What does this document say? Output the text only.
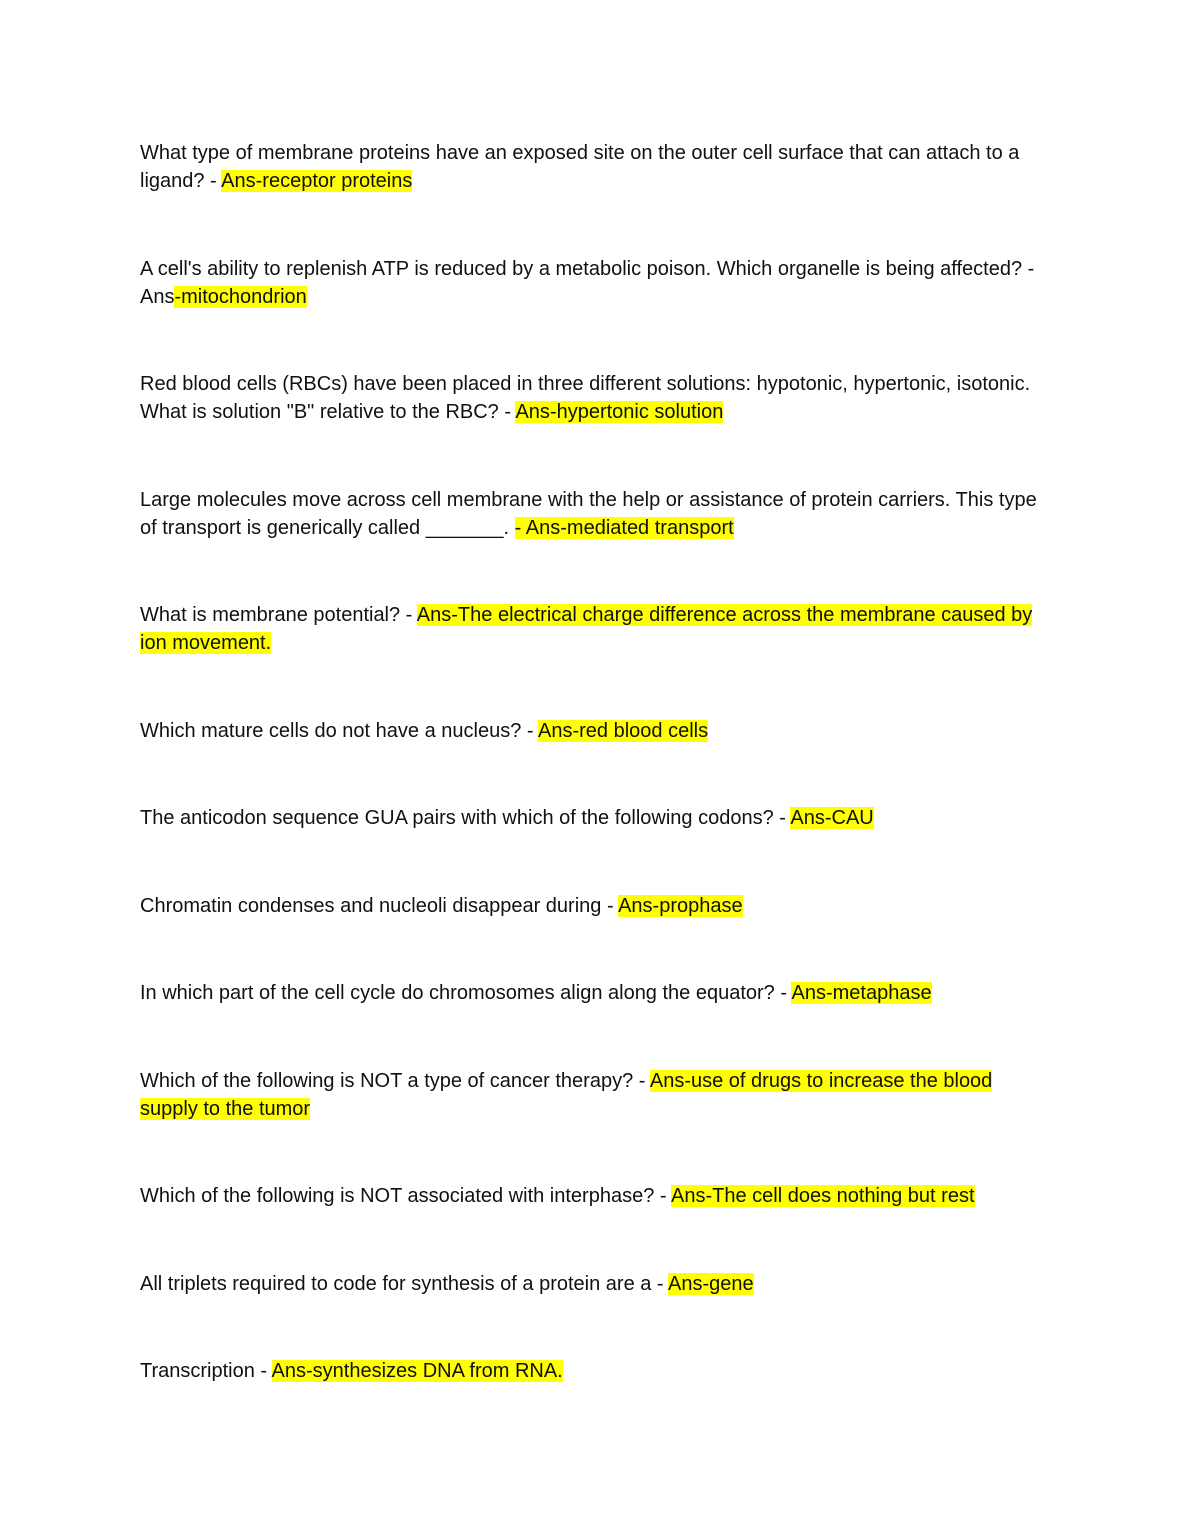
What type of membrane proteins have an exposed site on the outer cell surface that can attach to a ligand? - Ans-receptor proteins

A cell's ability to replenish ATP is reduced by a metabolic poison. Which organelle is being affected? - Ans-mitochondrion

Red blood cells (RBCs) have been placed in three different solutions: hypotonic, hypertonic, isotonic. What is solution "B" relative to the RBC? - Ans-hypertonic solution

Large molecules move across cell membrane with the help or assistance of protein carriers. This type of transport is generically called _______. - Ans-mediated transport

What is membrane potential? - Ans-The electrical charge difference across the membrane caused by ion movement.

Which mature cells do not have a nucleus? - Ans-red blood cells

The anticodon sequence GUA pairs with which of the following codons? - Ans-CAU

Chromatin condenses and nucleoli disappear during - Ans-prophase

In which part of the cell cycle do chromosomes align along the equator? - Ans-metaphase

Which of the following is NOT a type of cancer therapy? - Ans-use of drugs to increase the blood supply to the tumor

Which of the following is NOT associated with interphase? - Ans-The cell does nothing but rest

All triplets required to code for synthesis of a protein are a - Ans-gene

Transcription - Ans-synthesizes DNA from RNA.
